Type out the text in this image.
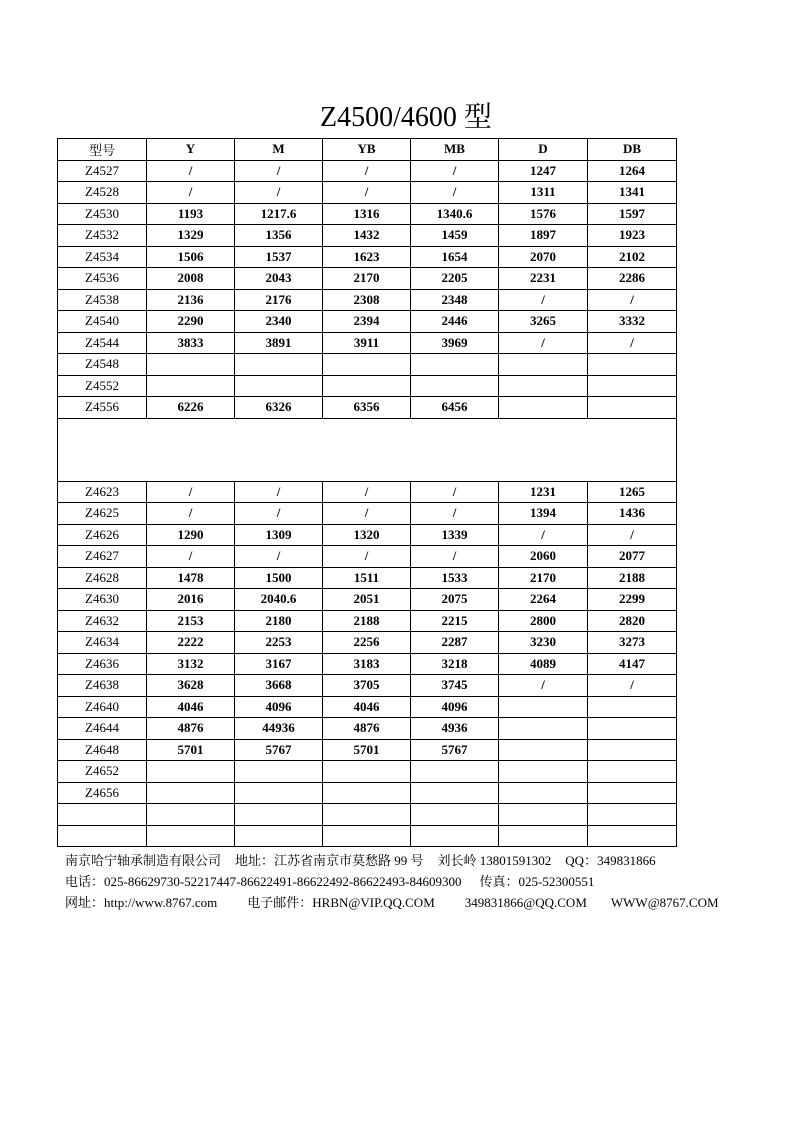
Z4500/4600 型
型号	Y	M	YB	MB	D	DB
Z4527	/	/	/	/	1247	1264
Z4528	/	/	/	/	1311	1341
Z4530	1193	1217.6	1316	1340.6	1576	1597
Z4532	1329	1356	1432	1459	1897	1923
Z4534	1506	1537	1623	1654	2070	2102
Z4536	2008	2043	2170	2205	2231	2286
Z4538	2136	2176	2308	2348	/	/
Z4540	2290	2340	2394	2446	3265	3332
Z4544	3833	3891	3911	3969	/	/
Z4548						
Z4552						
Z4556	6226	6326	6356	6456		

Z4623	/	/	/	/	1231	1265
Z4625	/	/	/	/	1394	1436
Z4626	1290	1309	1320	1339	/	/
Z4627	/	/	/	/	2060	2077
Z4628	1478	1500	1511	1533	2170	2188
Z4630	2016	2040.6	2051	2075	2264	2299
Z4632	2153	2180	2188	2215	2800	2820
Z4634	2222	2253	2256	2287	3230	3273
Z4636	3132	3167	3183	3218	4089	4147
Z4638	3628	3668	3705	3745	/	/
Z4640	4046	4096	4046	4096		
Z4644	4876	44936	4876	4936		
Z4648	5701	5767	5701	5767		
Z4652						
Z4656						

南京哈宁轴承制造有限公司 地址：江苏省南京市莫愁路 99 号 刘长岭 13801591302 QQ：349831866
电话：025-86629730-52217447-86622491-86622492-86622493-84609300 传真：025-52300551
网址：http://www.8767.com 电子邮件：HRBN@VIP.QQ.COM 349831866@QQ.COM WWW@8767.COM
